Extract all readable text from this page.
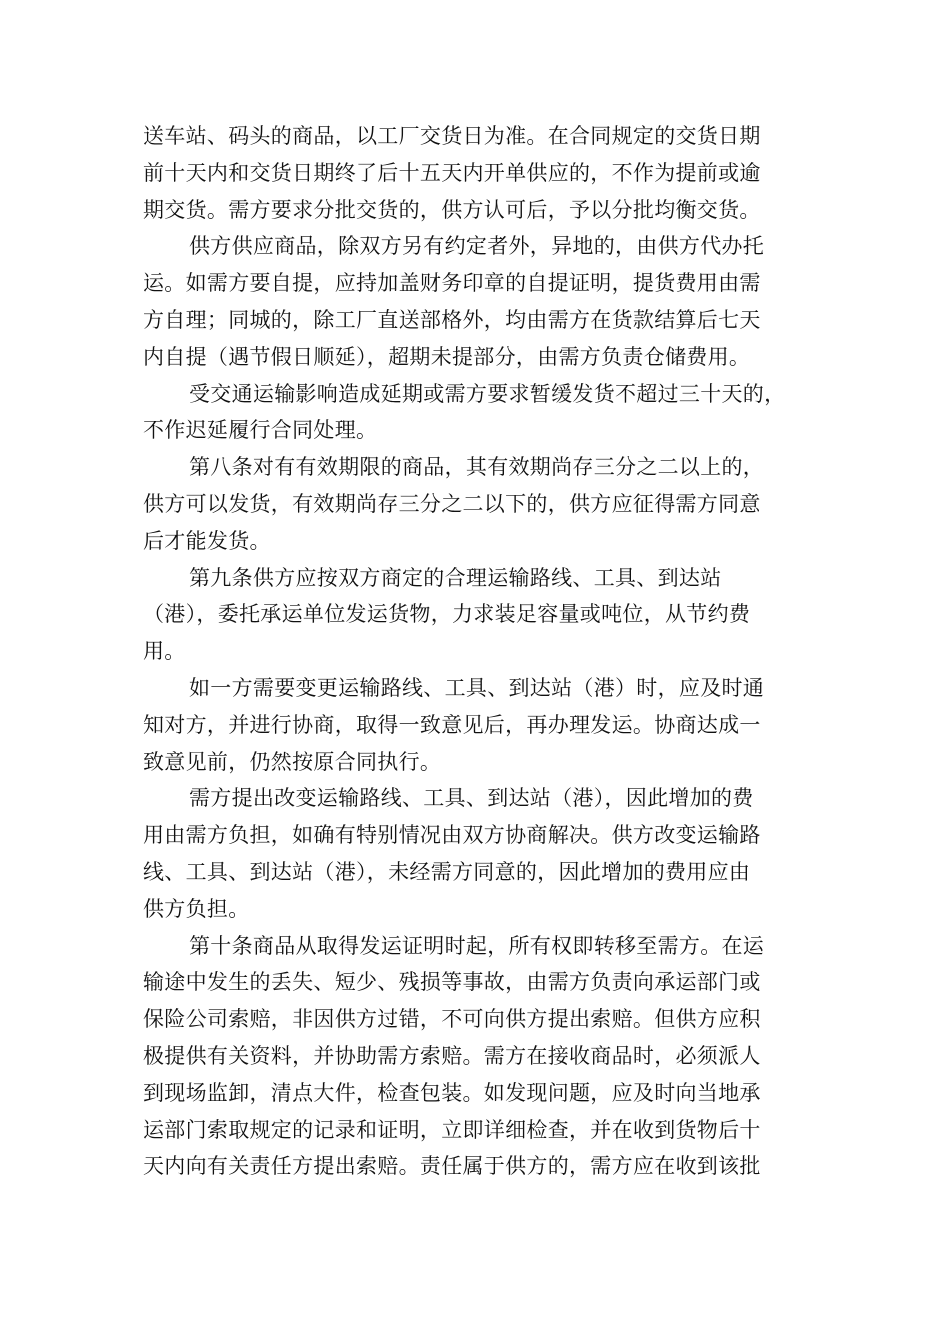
送车站、码头的商品，以工厂交货日为准。在合同规定的交货日期
前十天内和交货日期终了后十五天内开单供应的，不作为提前或逾
期交货。需方要求分批交货的，供方认可后，予以分批均衡交货。
供方供应商品，除双方另有约定者外，异地的，由供方代办托
运。如需方要自提，应持加盖财务印章的自提证明，提货费用由需
方自理；同城的，除工厂直送部格外，均由需方在货款结算后七天
内自提（遇节假日顺延），超期未提部分，由需方负责仓储费用。
受交通运输影响造成延期或需方要求暂缓发货不超过三十天的，
不作迟延履行合同处理。
第八条对有有效期限的商品，其有效期尚存三分之二以上的，
供方可以发货，有效期尚存三分之二以下的，供方应征得需方同意
后才能发货。
第九条供方应按双方商定的合理运输路线、工具、到达站
（港），委托承运单位发运货物，力求装足容量或吨位，从节约费
用。
如一方需要变更运输路线、工具、到达站（港）时，应及时通
知对方，并进行协商，取得一致意见后，再办理发运。协商达成一
致意见前，仍然按原合同执行。
需方提出改变运输路线、工具、到达站（港），因此增加的费
用由需方负担，如确有特别情况由双方协商解决。供方改变运输路
线、工具、到达站（港），未经需方同意的，因此增加的费用应由
供方负担。
第十条商品从取得发运证明时起，所有权即转移至需方。在运
输途中发生的丢失、短少、残损等事故，由需方负责向承运部门或
保险公司索赔，非因供方过错，不可向供方提出索赔。但供方应积
极提供有关资料，并协助需方索赔。需方在接收商品时，必须派人
到现场监卸，清点大件，检查包装。如发现问题，应及时向当地承
运部门索取规定的记录和证明，立即详细检查，并在收到货物后十
天内向有关责任方提出索赔。责任属于供方的，需方应在收到该批
